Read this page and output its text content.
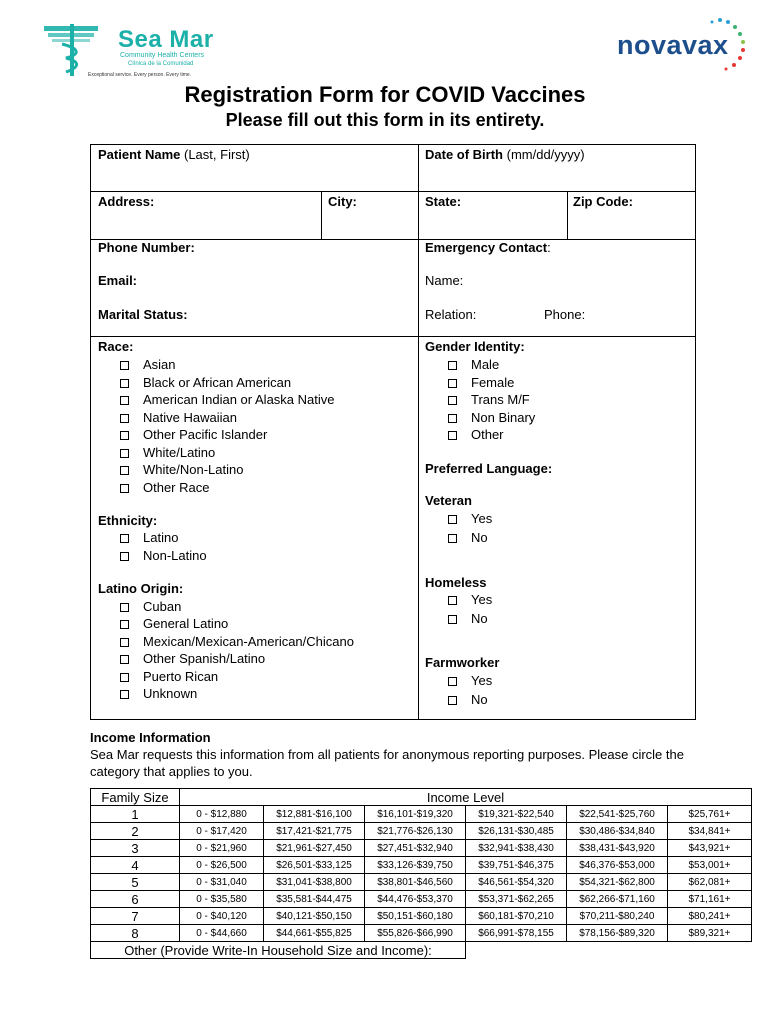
Sea Mar
Community Health Centers
Clínica de la Comunidad
Exceptional service. Every person. Every time.
novavax
Registration Form for COVID Vaccines
Please fill out this form in its entirety.
Patient Name (Last, First)	Date of Birth (mm/dd/yyyy)
Address:	City:	State:	Zip Code:
Phone Number:
Email:
Marital Status:
Emergency Contact:
Name:
Relation:	Phone:
Race:
Asian
Black or African American
American Indian or Alaska Native
Native Hawaiian
Other Pacific Islander
White/Latino
White/Non-Latino
Other Race
Ethnicity:
Latino
Non-Latino
Latino Origin:
Cuban
General Latino
Mexican/Mexican-American/Chicano
Other Spanish/Latino
Puerto Rican
Unknown
Gender Identity:
Male
Female
Trans M/F
Non Binary
Other
Preferred Language:
Veteran
Yes
No
Homeless
Yes
No
Farmworker
Yes
No
Income Information
Sea Mar requests this information from all patients for anonymous reporting purposes. Please circle the category that applies to you.
Family Size	Income Level					
1	0 - $12,880	$12,881-$16,100	$16,101-$19,320	$19,321-$22,540	$22,541-$25,760	$25,761+
2	0 - $17,420	$17,421-$21,775	$21,776-$26,130	$26,131-$30,485	$30,486-$34,840	$34,841+
3	0 - $21,960	$21,961-$27,450	$27,451-$32,940	$32,941-$38,430	$38,431-$43,920	$43,921+
4	0 - $26,500	$26,501-$33,125	$33,126-$39,750	$39,751-$46,375	$46,376-$53,000	$53,001+
5	0 - $31,040	$31,041-$38,800	$38,801-$46,560	$46,561-$54,320	$54,321-$62,800	$62,081+
6	0 - $35,580	$35,581-$44,475	$44,476-$53,370	$53,371-$62,265	$62,266-$71,160	$71,161+
7	0 - $40,120	$40,121-$50,150	$50,151-$60,180	$60,181-$70,210	$70,211-$80,240	$80,241+
8	0 - $44,660	$44,661-$55,825	$55,826-$66,990	$66,991-$78,155	$78,156-$89,320	$89,321+
Other (Provide Write-In Household Size and Income):						
